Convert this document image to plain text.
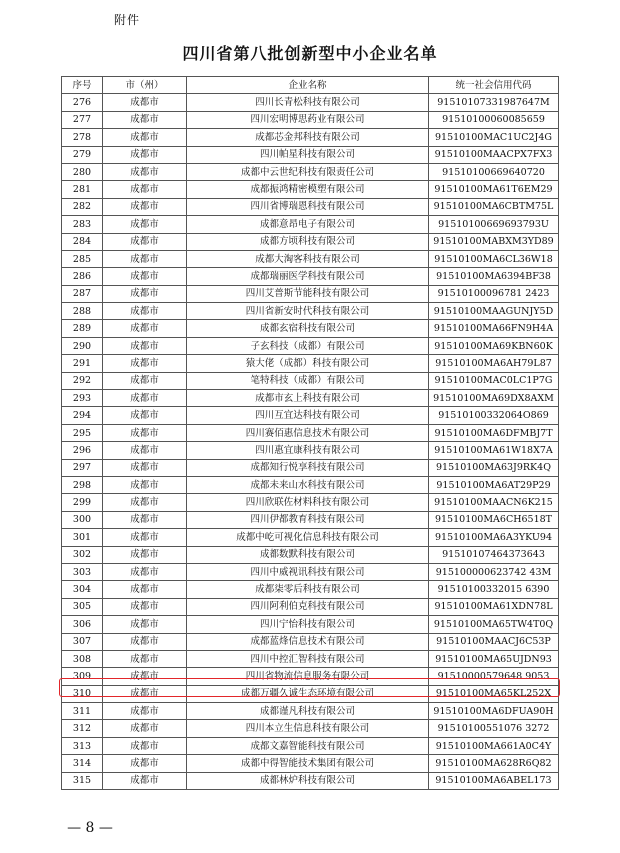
附件
四川省第八批创新型中小企业名单
序号	市（州）	企业名称	统一社会信用代码
276	成都市	四川长青松科技有限公司	91510107331987647M
277	成都市	四川宏明博思药业有限公司	91510100060085659
278	成都市	成都芯金邦科技有限公司	91510100MAC1UC2J4G
279	成都市	四川帕星科技有限公司	91510100MAACPX7FX3
280	成都市	成都中云世纪科技有限责任公司	91510100669640720
281	成都市	成都振鸿精密模塑有限公司	91510100MA61T6EM29
282	成都市	四川省博瑞恩科技有限公司	91510100MA6CBTM75L
283	成都市	成都意昂电子有限公司	91510100669693793U
284	成都市	成都方顷科技有限公司	91510100MABXM3YD89
285	成都市	成都大淘客科技有限公司	91510100MA6CL36W18
286	成都市	成都瑞丽医学科技有限公司	91510100MA6394BF38
287	成都市	四川艾普斯节能科技有限公司	91510100096781 2423
288	成都市	四川省新安时代科技有限公司	91510100MAAGUNJY5D
289	成都市	成都玄宿科技有限公司	91510100MA66FN9H4A
290	成都市	子玄科技（成都）有限公司	91510100MA69KBN60K
291	成都市	猿大佬（成都）科技有限公司	91510100MA6AH79L87
292	成都市	笔特科技（成都）有限公司	91510100MAC0LC1P7G
293	成都市	成都市玄上科技有限公司	91510100MA69DX8AXM
294	成都市	四川互宜达科技有限公司	91510100332064O869
295	成都市	四川赛佰惠信息技术有限公司	91510100MA6DFMBJ7T
296	成都市	四川惠宜康科技有限公司	91510100MA61W18X7A
297	成都市	成都知行悦享科技有限公司	91510100MA63J9RK4Q
298	成都市	成都未来山水科技有限公司	91510100MA6AT29P29
299	成都市	四川欣联佐材料科技有限公司	91510100MAACN6K215
300	成都市	四川伊都教育科技有限公司	91510100MA6CH6518T
301	成都市	成都中屹可视化信息科技有限公司	91510100MA6A3YKU94
302	成都市	成都数默科技有限公司	91510107464373643
303	成都市	四川中威视讯科技有限公司	915100000623742 43M
304	成都市	成都柒零后科技有限公司	91510100332015 6390
305	成都市	四川阿利伯克科技有限公司	91510100MA61XDN78L
306	成都市	四川宁怡科技有限公司	91510100MA65TW4T0Q
307	成都市	成都蓝烽信息技术有限公司	91510100MAACJ6C53P
308	成都市	四川中控汇智科技有限公司	91510100MA65UJDN93
309	成都市	四川省物流信息服务有限公司	91510000579648 9053
310	成都市	成都万疆久诚生态环境有限公司	91510100MA65KL252X
311	成都市	成都谨凡科技有限公司	91510100MA6DFUA90H
312	成都市	四川本立生信息科技有限公司	91510100551076 3272
313	成都市	成都文嘉智能科技有限公司	91510100MA661A0C4Y
314	成都市	成都中得智能技术集团有限公司	91510100MA628R6Q82
315	成都市	成都林炉科技有限公司	91510100MA6ABEL173
— 8 —
